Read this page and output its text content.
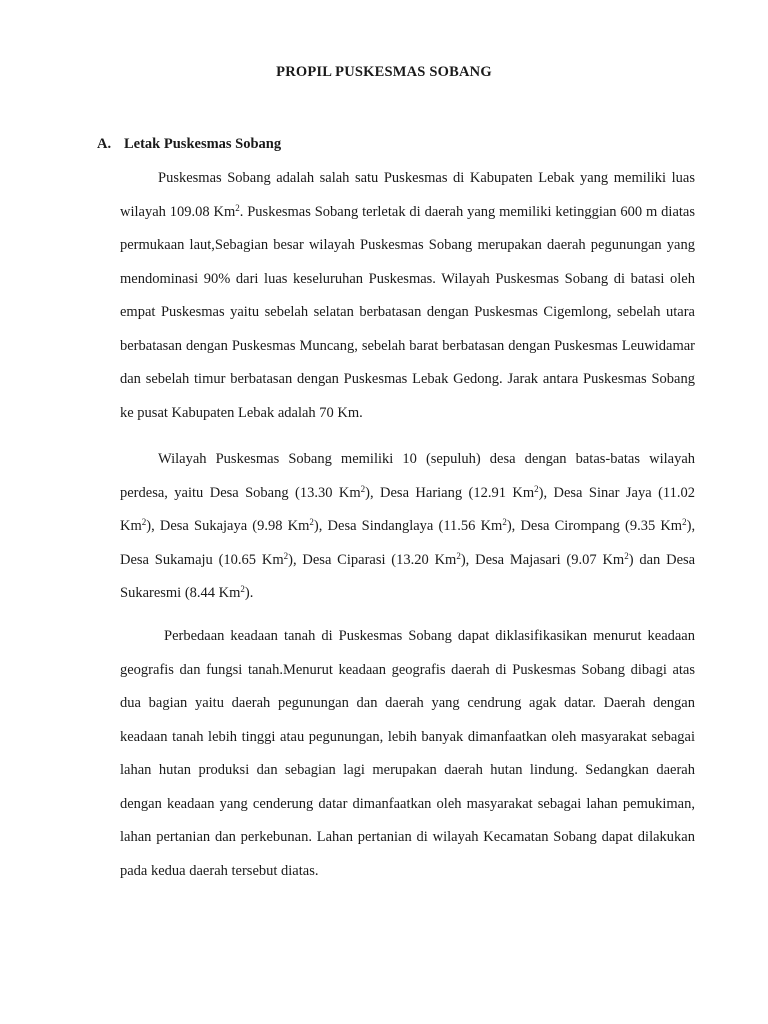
PROPIL PUSKESMAS SOBANG
A. Letak Puskesmas Sobang

Puskesmas Sobang adalah salah satu Puskesmas di Kabupaten Lebak yang memiliki luas wilayah 109.08 Km$^2$. Puskesmas Sobang terletak di daerah yang memiliki ketinggian 600 m diatas permukaan laut,Sebagian besar wilayah Puskesmas Sobang merupakan daerah pegunungan yang mendominasi 90% dari luas keseluruhan Puskesmas. Wilayah Puskesmas Sobang di batasi oleh empat Puskesmas yaitu sebelah selatan berbatasan dengan Puskesmas Cigemlong, sebelah utara berbatasan dengan Puskesmas Muncang, sebelah barat berbatasan dengan Puskesmas Leuwidamar dan sebelah timur berbatasan dengan Puskesmas Lebak Gedong. Jarak antara Puskesmas Sobang ke pusat Kabupaten Lebak adalah 70 Km.

Wilayah Puskesmas Sobang memiliki 10 (sepuluh) desa dengan batas-batas wilayah perdesa, yaitu Desa Sobang (13.30 Km$^2$), Desa Hariang (12.91 Km$^2$), Desa Sinar Jaya (11.02 Km$^2$), Desa Sukajaya (9.98 Km$^2$), Desa Sindanglaya (11.56 Km$^2$), Desa Cirompang (9.35 Km$^2$), Desa Sukamaju (10.65 Km$^2$), Desa Ciparasi (13.20 Km$^2$), Desa Majasari (9.07 Km$^2$) dan Desa Sukaresmi (8.44 Km$^2$).

Perbedaan keadaan tanah di Puskesmas Sobang dapat diklasifikasikan menurut keadaan geografis dan fungsi tanah.Menurut keadaan geografis daerah di Puskesmas Sobang dibagi atas dua bagian yaitu daerah pegunungan dan daerah yang cendrung agak datar. Daerah dengan keadaan tanah lebih tinggi atau pegunungan, lebih banyak dimanfaatkan oleh masyarakat sebagai lahan hutan produksi dan sebagian lagi merupakan daerah hutan lindung. Sedangkan daerah dengan keadaan yang cenderung datar dimanfaatkan oleh masyarakat sebagai lahan pemukiman, lahan pertanian dan perkebunan. Lahan pertanian di wilayah Kecamatan Sobang dapat dilakukan pada kedua daerah tersebut diatas.
